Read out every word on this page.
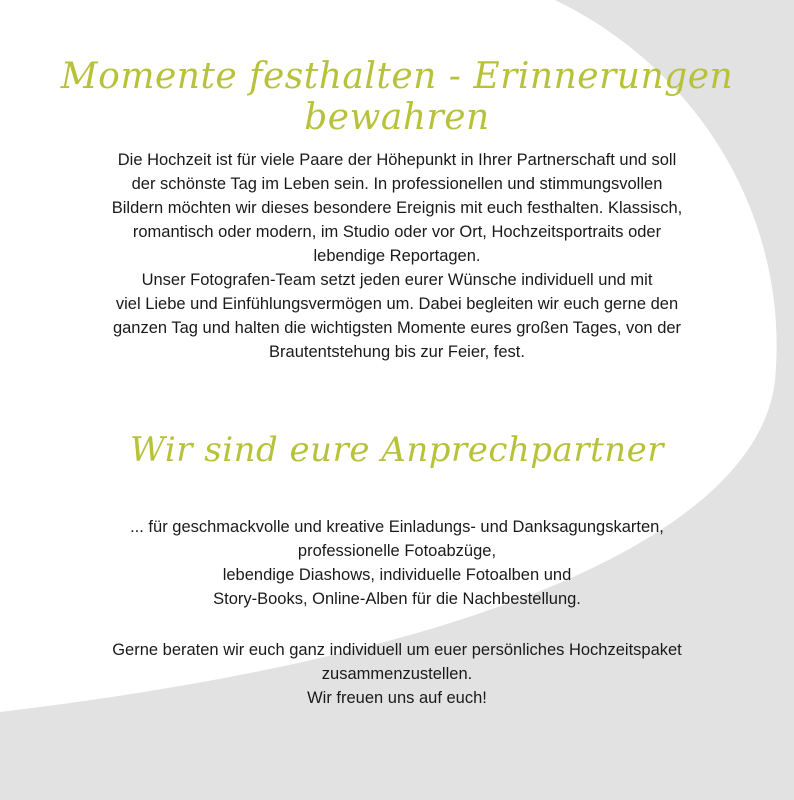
Momente festhalten - Erinnerungen bewahren
Die Hochzeit ist für viele Paare der Höhepunkt in Ihrer Partnerschaft und soll
der schönste Tag im Leben sein. In professionellen und stimmungsvollen
Bildern möchten wir dieses besondere Ereignis mit euch festhalten. Klassisch,
romantisch oder modern, im Studio oder vor Ort, Hochzeitsportraits oder
lebendige Reportagen.
Unser Fotografen-Team setzt jeden eurer Wünsche individuell und mit
viel Liebe und Einfühlungsvermögen um. Dabei begleiten wir euch gerne den
ganzen Tag und halten die wichtigsten Momente eures großen Tages, von der
Brautentstehung bis zur Feier, fest.
Wir sind eure Anprechpartner
... für geschmackvolle und kreative Einladungs- und Danksagungskarten,
professionelle Fotoabzüge,
lebendige Diashows, individuelle Fotoalben und
Story-Books, Online-Alben für die Nachbestellung.
Gerne beraten wir euch ganz individuell um euer persönliches Hochzeitspaket
zusammenzustellen.
Wir freuen uns auf euch!
